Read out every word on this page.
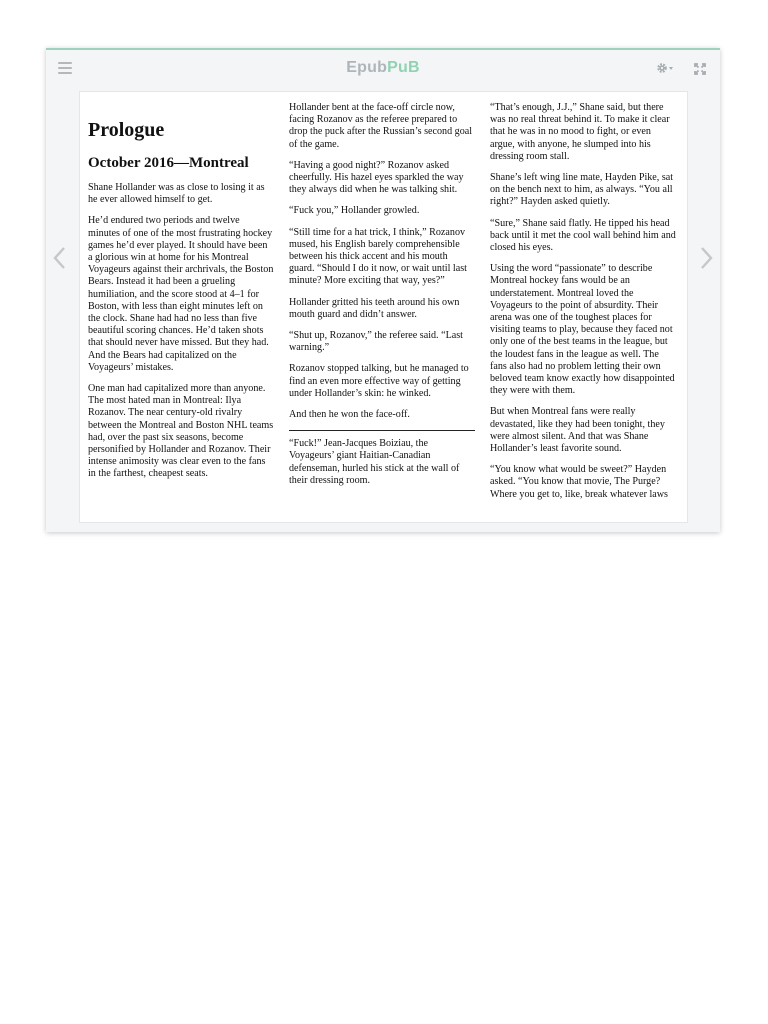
EpubPuB
Prologue
October 2016—Montreal

Shane Hollander was as close to losing it as he ever allowed himself to get.

He’d endured two periods and twelve minutes of one of the most frustrating hockey games he’d ever played. It should have been a glorious win at home for his Montreal Voyageurs against their archrivals, the Boston Bears. Instead it had been a grueling humiliation, and the score stood at 4–1 for Boston, with less than eight minutes left on the clock. Shane had had no less than five beautiful scoring chances. He’d taken shots that should never have missed. But they had. And the Bears had capitalized on the Voyageurs’ mistakes.

One man had capitalized more than anyone. The most hated man in Montreal: Ilya Rozanov. The near century-old rivalry between the Montreal and Boston NHL teams had, over the past six seasons, become personified by Hollander and Rozanov. Their intense animosity was clear even to the fans in the farthest, cheapest seats.

Hollander bent at the face-off circle now, facing Rozanov as the referee prepared to drop the puck after the Russian’s second goal of the game.

“Having a good night?” Rozanov asked cheerfully. His hazel eyes sparkled the way they always did when he was talking shit.

“Fuck you,” Hollander growled.

“Still time for a hat trick, I think,” Rozanov mused, his English barely comprehensible between his thick accent and his mouth guard. “Should I do it now, or wait until last minute? More exciting that way, yes?”

Hollander gritted his teeth around his own mouth guard and didn’t answer.

“Shut up, Rozanov,” the referee said. “Last warning.”

Rozanov stopped talking, but he managed to find an even more effective way of getting under Hollander’s skin: he winked.

And then he won the face-off.

“Fuck!” Jean-Jacques Boiziau, the Voyageurs’ giant Haitian-Canadian defenseman, hurled his stick at the wall of their dressing room.

“That’s enough, J.J.,” Shane said, but there was no real threat behind it. To make it clear that he was in no mood to fight, or even argue, with anyone, he slumped into his dressing room stall.

Shane’s left wing line mate, Hayden Pike, sat on the bench next to him, as always. “You all right?” Hayden asked quietly.

“Sure,” Shane said flatly. He tipped his head back until it met the cool wall behind him and closed his eyes.

Using the word “passionate” to describe Montreal hockey fans would be an understatement. Montreal loved the Voyageurs to the point of absurdity. Their arena was one of the toughest places for visiting teams to play, because they faced not only one of the best teams in the league, but the loudest fans in the league as well. The fans also had no problem letting their own beloved team know exactly how disappointed they were with them.

But when Montreal fans were really devastated, like they had been tonight, they were almost silent. And that was Shane Hollander’s least favorite sound.

“You know what would be sweet?” Hayden asked. “You know that movie, The Purge? Where you get to, like, break whatever laws
